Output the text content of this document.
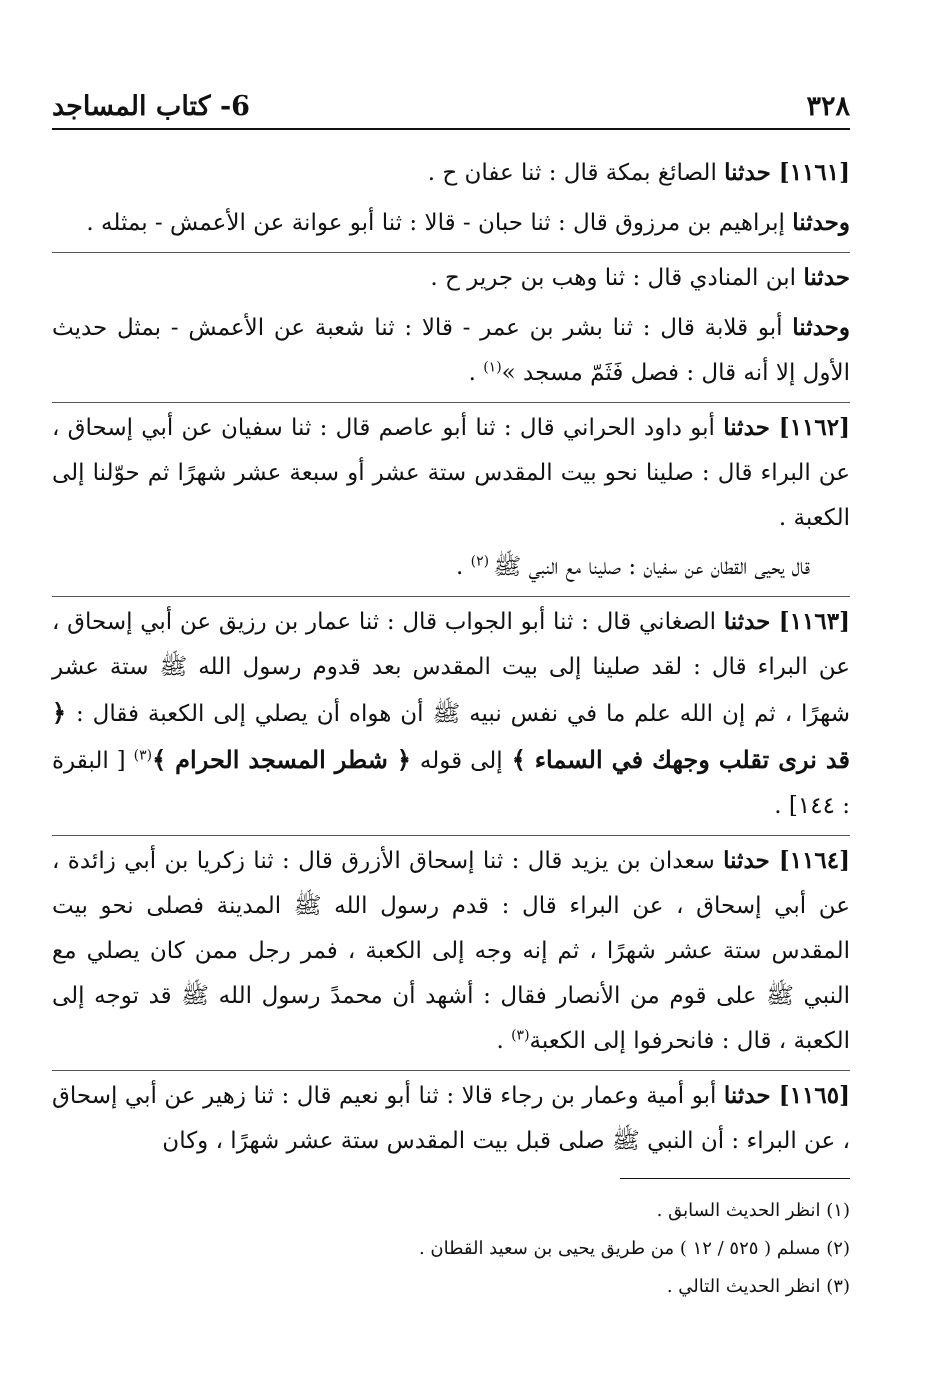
٣٢٨
6- كتاب المساجد

[١١٦١] حدثنا الصائغ بمكة قال : ثنا عفان ح .

وحدثنا إبراهيم بن مرزوق قال : ثنا حبان - قالا : ثنا أبو عوانة عن الأعمش - بمثله .

حدثنا ابن المنادي قال : ثنا وهب بن جرير ح .

وحدثنا أبو قلابة قال : ثنا بشر بن عمر - قالا : ثنا شعبة عن الأعمش - بمثل حديث الأول إلا أنه قال : فصل فَثَمّ مسجد »$^{(١)}$ .

[١١٦٢] حدثنا أبو داود الحراني قال : ثنا أبو عاصم قال : ثنا سفيان عن أبي إسحاق ، عن البراء قال : صلينا نحو بيت المقدس ستة عشر أو سبعة عشر شهرًا ثم حوّلنا إلى الكعبة .

قال يحيى القطان عن سفيان : صلينا مع النبي ﷺ $^{(٢)}$ .

[١١٦٣] حدثنا الصغاني قال : ثنا أبو الجواب قال : ثنا عمار بن رزيق عن أبي إسحاق ، عن البراء قال : لقد صلينا إلى بيت المقدس بعد قدوم رسول الله ﷺ ستة عشر شهرًا ، ثم إن الله علم ما في نفس نبيه ﷺ أن هواه أن يصلي إلى الكعبة فقال : ﴿ قد نرى تقلب وجهك في السماء ﴾ إلى قوله ﴿ شطر المسجد الحرام ﴾$^{(٣)}$ [ البقرة : ١٤٤] .

[١١٦٤] حدثنا سعدان بن يزيد قال : ثنا إسحاق الأزرق قال : ثنا زكريا بن أبي زائدة ، عن أبي إسحاق ، عن البراء قال : قدم رسول الله ﷺ المدينة فصلى نحو بيت المقدس ستة عشر شهرًا ، ثم إنه وجه إلى الكعبة ، فمر رجل ممن كان يصلي مع النبي ﷺ على قوم من الأنصار فقال : أشهد أن محمدً رسول الله ﷺ قد توجه إلى الكعبة ، قال : فانحرفوا إلى الكعبة$^{(٣)}$ .

[١١٦٥] حدثنا أبو أمية وعمار بن رجاء قالا : ثنا أبو نعيم قال : ثنا زهير عن أبي إسحاق ، عن البراء : أن النبي ﷺ صلى قبل بيت المقدس ستة عشر شهرًا ، وكان

(١) انظر الحديث السابق .
(٢) مسلم ( ٥٢٥ / ١٢ ) من طريق يحيى بن سعيد القطان .
(٣) انظر الحديث التالي .
